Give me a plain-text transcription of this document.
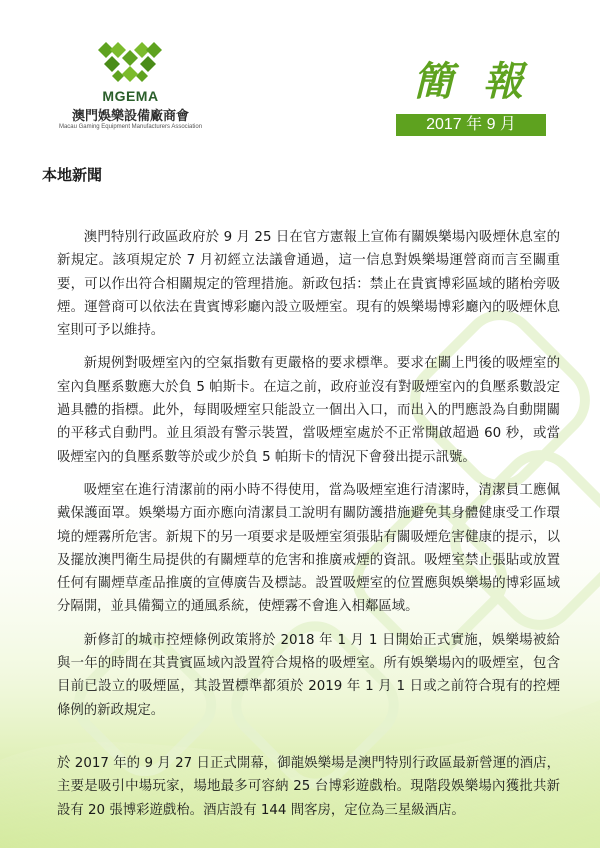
MGEMA
澳門娛樂設備廠商會
Macau Gaming Equipment Manufacturers Association
簡 報
2017 年 9 月
本地新聞

澳門特別行政區政府於 9 月 25 日在官方憲報上宣佈有關娛樂場內吸煙休息室的新規定。該項規定於 7 月初經立法議會通過，這一信息對娛樂場運營商而言至關重要，可以作出符合相關規定的管理措施。新政包括：禁止在貴賓博彩區域的賭枱旁吸煙。運營商可以依法在貴賓博彩廳內設立吸煙室。現有的娛樂場博彩廳內的吸煙休息室則可予以維持。

新規例對吸煙室內的空氣指數有更嚴格的要求標準。要求在關上門後的吸煙室的室內負壓系數應大於負 5 帕斯卡。在這之前，政府並沒有對吸煙室內的負壓系數設定過具體的指標。此外，每間吸煙室只能設立一個出入口，而出入的門應設為自動開關的平移式自動門。並且須設有警示裝置，當吸煙室處於不正常開啟超過 60 秒，或當吸煙室內的負壓系數等於或少於負 5 帕斯卡的情況下會發出提示訊號。

吸煙室在進行清潔前的兩小時不得使用，當為吸煙室進行清潔時，清潔員工應佩戴保護面罩。娛樂場方面亦應向清潔員工說明有關防護措施避免其身體健康受工作環境的煙霧所危害。新規下的另一項要求是吸煙室須張貼有關吸煙危害健康的提示，以及擺放澳門衛生局提供的有關煙草的危害和推廣戒煙的資訊。吸煙室禁止張貼或放置任何有關煙草產品推廣的宣傳廣告及標誌。設置吸煙室的位置應與娛樂場的博彩區域分隔開，並具備獨立的通風系統，使煙霧不會進入相鄰區域。

新修訂的城市控煙條例政策將於 2018 年 1 月 1 日開始正式實施，娛樂場被給與一年的時間在其貴賓區域內設置符合規格的吸煙室。所有娛樂場內的吸煙室，包含目前已設立的吸煙區，其設置標準都須於 2019 年 1 月 1 日或之前符合現有的控煙條例的新政規定。

於 2017 年的 9 月 27 日正式開幕，御龍娛樂場是澳門特別行政區最新營運的酒店，主要是吸引中場玩家，場地最多可容納 25 台博彩遊戲枱。現階段娛樂場內獲批共新設有 20 張博彩遊戲枱。酒店設有 144 間客房，定位為三星級酒店。
